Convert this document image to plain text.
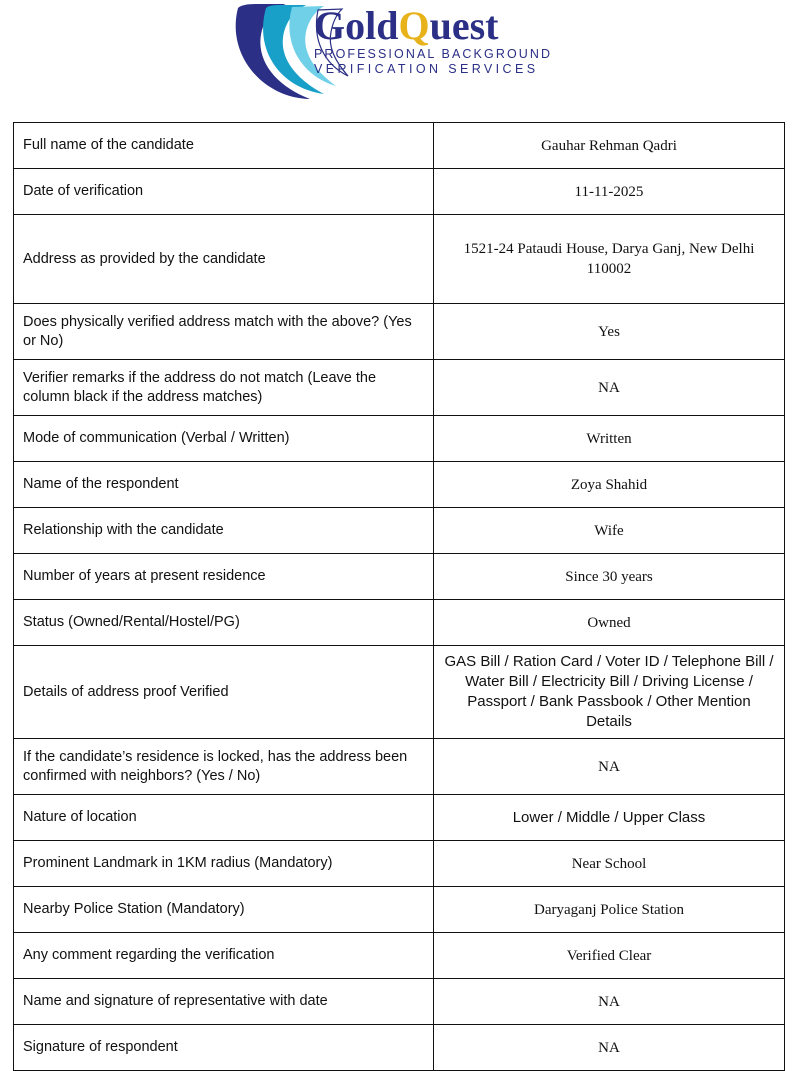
GoldQuest
PROFESSIONAL BACKGROUND
VERIFICATION SERVICES
Full name of the candidate	Gauhar Rehman Qadri
Date of verification	11-11-2025
Address as provided by the candidate	1521-24 Pataudi House, Darya Ganj, New Delhi 110002
Does physically verified address match with the above? (Yes or No)	Yes
Verifier remarks if the address do not match (Leave the column black if the address matches)	NA
Mode of communication (Verbal / Written)	Written
Name of the respondent	Zoya Shahid
Relationship with the candidate	Wife
Number of years at present residence	Since 30 years
Status (Owned/Rental/Hostel/PG)	Owned
Details of address proof Verified	GAS Bill / Ration Card / Voter ID / Telephone Bill / Water Bill / Electricity Bill / Driving License / Passport / Bank Passbook / Other Mention Details
If the candidate’s residence is locked, has the address been confirmed with neighbors? (Yes / No)	NA
Nature of location	Lower / Middle / Upper Class
Prominent Landmark in 1KM radius (Mandatory)	Near School
Nearby Police Station (Mandatory)	Daryaganj Police Station
Any comment regarding the verification	Verified Clear
Name and signature of representative with date	NA
Signature of respondent	NA
